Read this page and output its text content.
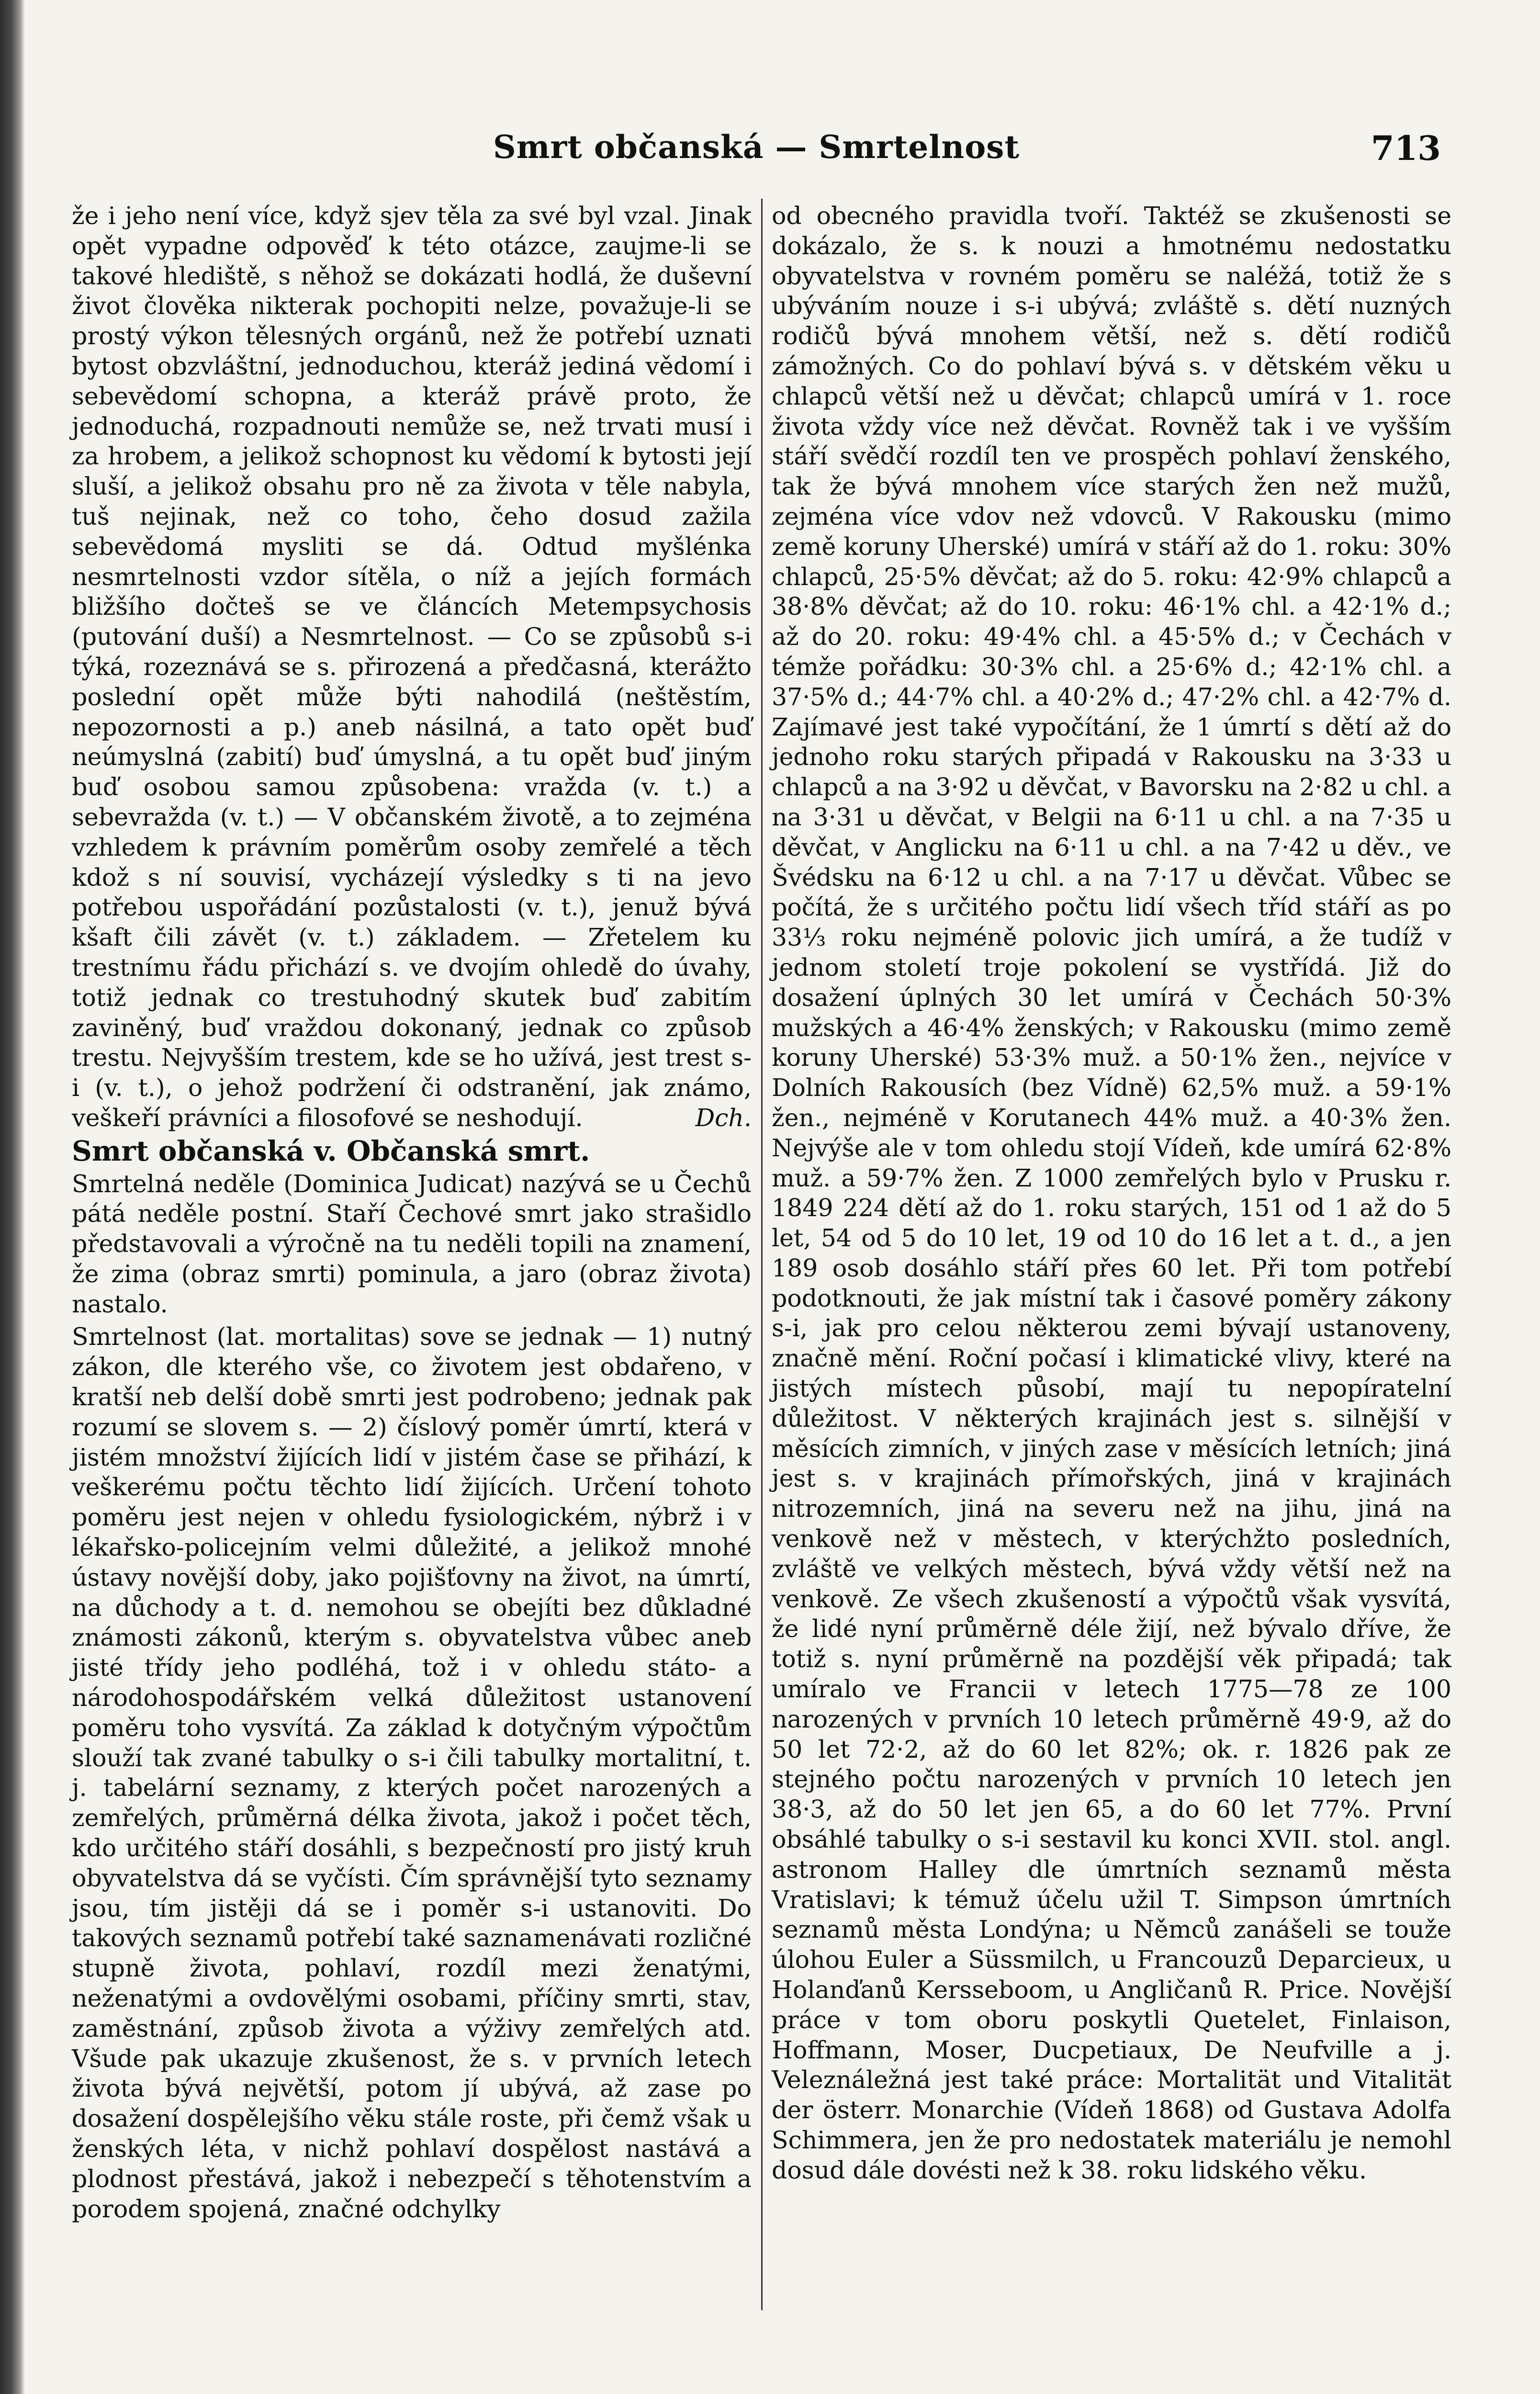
Smrt občanská — Smrtelnost	713

že i jeho není více, když sjev těla za své byl vzal. Jinak opět vypadne odpověď k této otázce, zaujme-li se takové hlediště, s něhož se dokázati hodlá, že duševní život člověka nikterak pochopiti nelze, považuje-li se prostý výkon tělesných orgánů, než že potřebí uznati bytost obzvláštní, jednoduchou, kteráž jediná vědomí i sebevědomí schopna, a kteráž právě proto, že jednoduchá, rozpadnouti nemůže se, než trvati musí i za hrobem, a jelikož schopnost ku vědomí k bytosti její sluší, a jelikož obsahu pro ně za života v těle nabyla, tuš nejinak, než co toho, čeho dosud zažila sebevědomá mysliti se dá. Odtud myšlénka nesmrtelnosti vzdor sítěla, o níž a jejích formách bližšího dočteš se ve článcích Metempsychosis (putování duší) a Nesmrtelnost. — Co se způsobů s-i týká, rozeznává se s. přirozená a předčasná, kterážto poslední opět může býti nahodilá (neštěstím, nepozornosti a p.) aneb násilná, a tato opět buď neúmyslná (zabití) buď úmyslná, a tu opět buď jiným buď osobou samou způsobena: vražda (v. t.) a sebevražda (v. t.) — V občanském životě, a to zejména vzhledem k právním poměrům osoby zemřelé a těch kdož s ní souvisí, vycházejí výsledky s ti na jevo potřebou uspořádání pozůstalosti (v. t.), jenuž bývá kšaft čili závět (v. t.) základem. — Zřetelem ku trestnímu řádu přichází s. ve dvojím ohledě do úvahy, totiž jednak co trestuhodný skutek buď zabitím zaviněný, buď vraždou dokonaný, jednak co způsob trestu. Nejvyšším trestem, kde se ho užívá, jest trest s-i (v. t.), o jehož podržení či odstranění, jak známo, veškeří právníci a filosofové se neshodují.	Dch.

Smrt občanská v. Občanská smrt.

Smrtelná neděle (Dominica Judicat) nazývá se u Čechů pátá neděle postní. Staří Čechové smrt jako strašidlo představovali a výročně na tu neděli topili na znamení, že zima (obraz smrti) pominula, a jaro (obraz života) nastalo.

Smrtelnost (lat. mortalitas) sove se jednak — 1) nutný zákon, dle kterého vše, co životem jest obdařeno, v kratší neb delší době smrti jest podrobeno; jednak pak rozumí se slovem s. — 2) číslový poměr úmrtí, která v jistém množství žijících lidí v jistém čase se přihází, k veškerému počtu těchto lidí žijících. Určení tohoto poměru jest nejen v ohledu fysiologickém, nýbrž i v lékařsko-policejním velmi důležité, a jelikož mnohé ústavy novější doby, jako pojišťovny na život, na úmrtí, na důchody a t. d. nemohou se obejíti bez důkladné známosti zákonů, kterým s. obyvatelstva vůbec aneb jisté třídy jeho podléhá, tož i v ohledu státo- a národohospodářském velká důležitost ustanovení poměru toho vysvítá. Za základ k dotyčným výpočtům slouží tak zvané tabulky o s-i čili tabulky mortalitní, t. j. tabelární seznamy, z kterých počet narozených a zemřelých, průměrná délka života, jakož i počet těch, kdo určitého stáří dosáhli, s bezpečností pro jistý kruh obyvatelstva dá se vyčísti. Čím správnější tyto seznamy jsou, tím jistěji dá se i poměr s-i ustanoviti. Do takových seznamů potřebí také saznamenávati rozličné stupně života, pohlaví, rozdíl mezi ženatými, neženatými a ovdovělými osobami, příčiny smrti, stav, zaměstnání, způsob života a výživy zemřelých atd. Všude pak ukazuje zkušenost, že s. v prvních letech života bývá největší, potom jí ubývá, až zase po dosažení dospělejšího věku stále roste, při čemž však u ženských léta, v nichž pohlaví dospělost nastává a plodnost přestává, jakož i nebezpečí s těhotenstvím a porodem spojená, značné odchylky

od obecného pravidla tvoří. Taktéž se zkušenosti se dokázalo, že s. k nouzi a hmotnému nedostatku obyvatelstva v rovném poměru se naléžá, totiž že s ubýváním nouze i s-i ubývá; zvláště s. dětí nuzných rodičů bývá mnohem větší, než s. dětí rodičů zámožných. Co do pohlaví bývá s. v dětském věku u chlapců větší než u děvčat; chlapců umírá v 1. roce života vždy více než děvčat. Rovněž tak i ve vyšším stáří svědčí rozdíl ten ve prospěch pohlaví ženského, tak že bývá mnohem více starých žen než mužů, zejména více vdov než vdovců. V Rakousku (mimo země koruny Uherské) umírá v stáří až do 1. roku: 30% chlapců, 25·5% děvčat; až do 5. roku: 42·9% chlapců a 38·8% děvčat; až do 10. roku: 46·1% chl. a 42·1% d.; až do 20. roku: 49·4% chl. a 45·5% d.; v Čechách v témže pořádku: 30·3% chl. a 25·6% d.; 42·1% chl. a 37·5% d.; 44·7% chl. a 40·2% d.; 47·2% chl. a 42·7% d. Zajímavé jest také vypočítání, že 1 úmrtí s dětí až do jednoho roku starých připadá v Rakousku na 3·33 u chlapců a na 3·92 u děvčat, v Bavorsku na 2·82 u chl. a na 3·31 u děvčat, v Belgii na 6·11 u chl. a na 7·35 u děvčat, v Anglicku na 6·11 u chl. a na 7·42 u děv., ve Švédsku na 6·12 u chl. a na 7·17 u děvčat. Vůbec se počítá, že s určitého počtu lidí všech tříd stáří as po 33⅓ roku nejméně polovic jich umírá, a že tudíž v jednom století troje pokolení se vystřídá. Již do dosažení úplných 30 let umírá v Čechách 50·3% mužských a 46·4% ženských; v Rakousku (mimo země koruny Uherské) 53·3% muž. a 50·1% žen., nejvíce v Dolních Rakousích (bez Vídně) 62,5% muž. a 59·1% žen., nejméně v Korutanech 44% muž. a 40·3% žen. Nejvýše ale v tom ohledu stojí Vídeň, kde umírá 62·8% muž. a 59·7% žen. Z 1000 zemřelých bylo v Prusku r. 1849 224 dětí až do 1. roku starých, 151 od 1 až do 5 let, 54 od 5 do 10 let, 19 od 10 do 16 let a t. d., a jen 189 osob dosáhlo stáří přes 60 let. Při tom potřebí podotknouti, že jak místní tak i časové poměry zákony s-i, jak pro celou některou zemi bývají ustanoveny, značně mění. Roční počasí i klimatické vlivy, které na jistých místech působí, mají tu nepopíratelní důležitost. V některých krajinách jest s. silnější v měsících zimních, v jiných zase v měsících letních; jiná jest s. v krajinách přímořských, jiná v krajinách nitrozemních, jiná na severu než na jihu, jiná na venkově než v městech, v kterýchžto posledních, zvláště ve velkých městech, bývá vždy větší než na venkově. Ze všech zkušeností a výpočtů však vysvítá, že lidé nyní průměrně déle žijí, než bývalo dříve, že totiž s. nyní průměrně na pozdější věk připadá; tak umíralo ve Francii v letech 1775—78 ze 100 narozených v prvních 10 letech průměrně 49·9, až do 50 let 72·2, až do 60 let 82%; ok. r. 1826 pak ze stejného počtu narozených v prvních 10 letech jen 38·3, až do 50 let jen 65, a do 60 let 77%. První obsáhlé tabulky o s-i sestavil ku konci XVII. stol. angl. astronom Halley dle úmrtních seznamů města Vratislavi; k témuž účelu užil T. Simpson úmrtních seznamů města Londýna; u Němců zanášeli se touže úlohou Euler a Süssmilch, u Francouzů Deparcieux, u Holanďanů Kersseboom, u Angličanů R. Price. Novější práce v tom oboru poskytli Quetelet, Finlaison, Hoffmann, Moser, Ducpetiaux, De Neufville a j. Veleználežná jest také práce: Mortalität und Vitalität der österr. Monarchie (Vídeň 1868) od Gustava Adolfa Schimmera, jen že pro nedostatek materiálu je nemohl dosud dále dovésti než k 38. roku lidského věku.
